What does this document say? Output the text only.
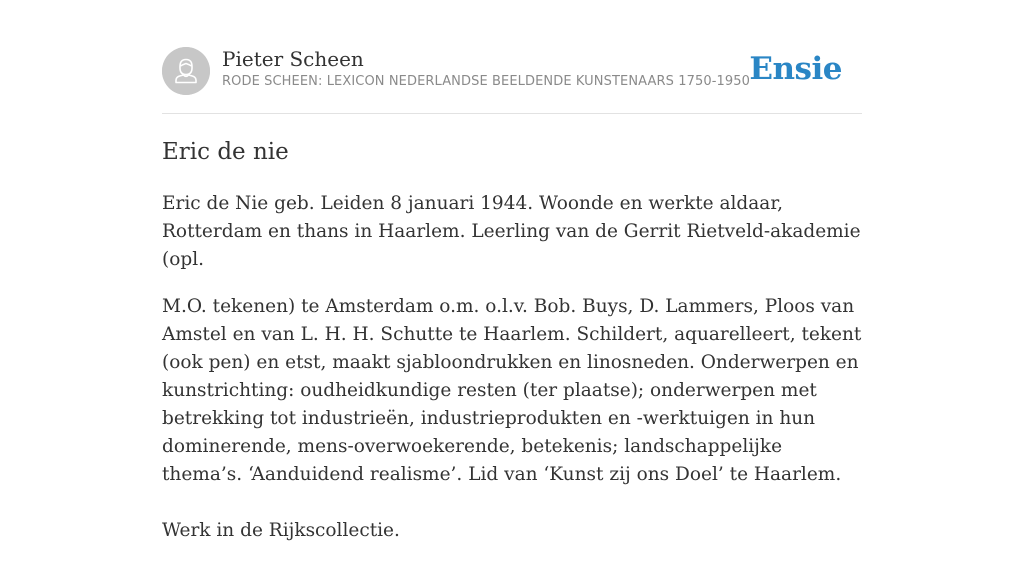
Pieter Scheen
RODE SCHEEN: LEXICON NEDERLANDSE BEELDENDE KUNSTENAARS 1750-1950 Ensie
Eric de nie

Eric de Nie geb. Leiden 8 januari 1944. Woonde en werkte aldaar, Rotterdam en thans in Haarlem. Leerling van de Gerrit Rietveld-akademie (opl.

M.O. tekenen) te Amsterdam o.m. o.l.v. Bob. Buys, D. Lammers, Ploos van Amstel en van L. H. H. Schutte te Haarlem. Schildert, aquarelleert, tekent (ook pen) en etst, maakt sjabloondrukken en linosneden. Onderwerpen en kunstrichting: oudheidkundige resten (ter plaatse); onderwerpen met betrekking tot industrieën, industrieprodukten en -werktuigen in hun dominerende, mens-overwoekerende, betekenis; landschappelijke thema’s. ‘Aanduidend realisme’. Lid van ‘Kunst zij ons Doel’ te Haarlem.

Werk in de Rijkscollectie.
